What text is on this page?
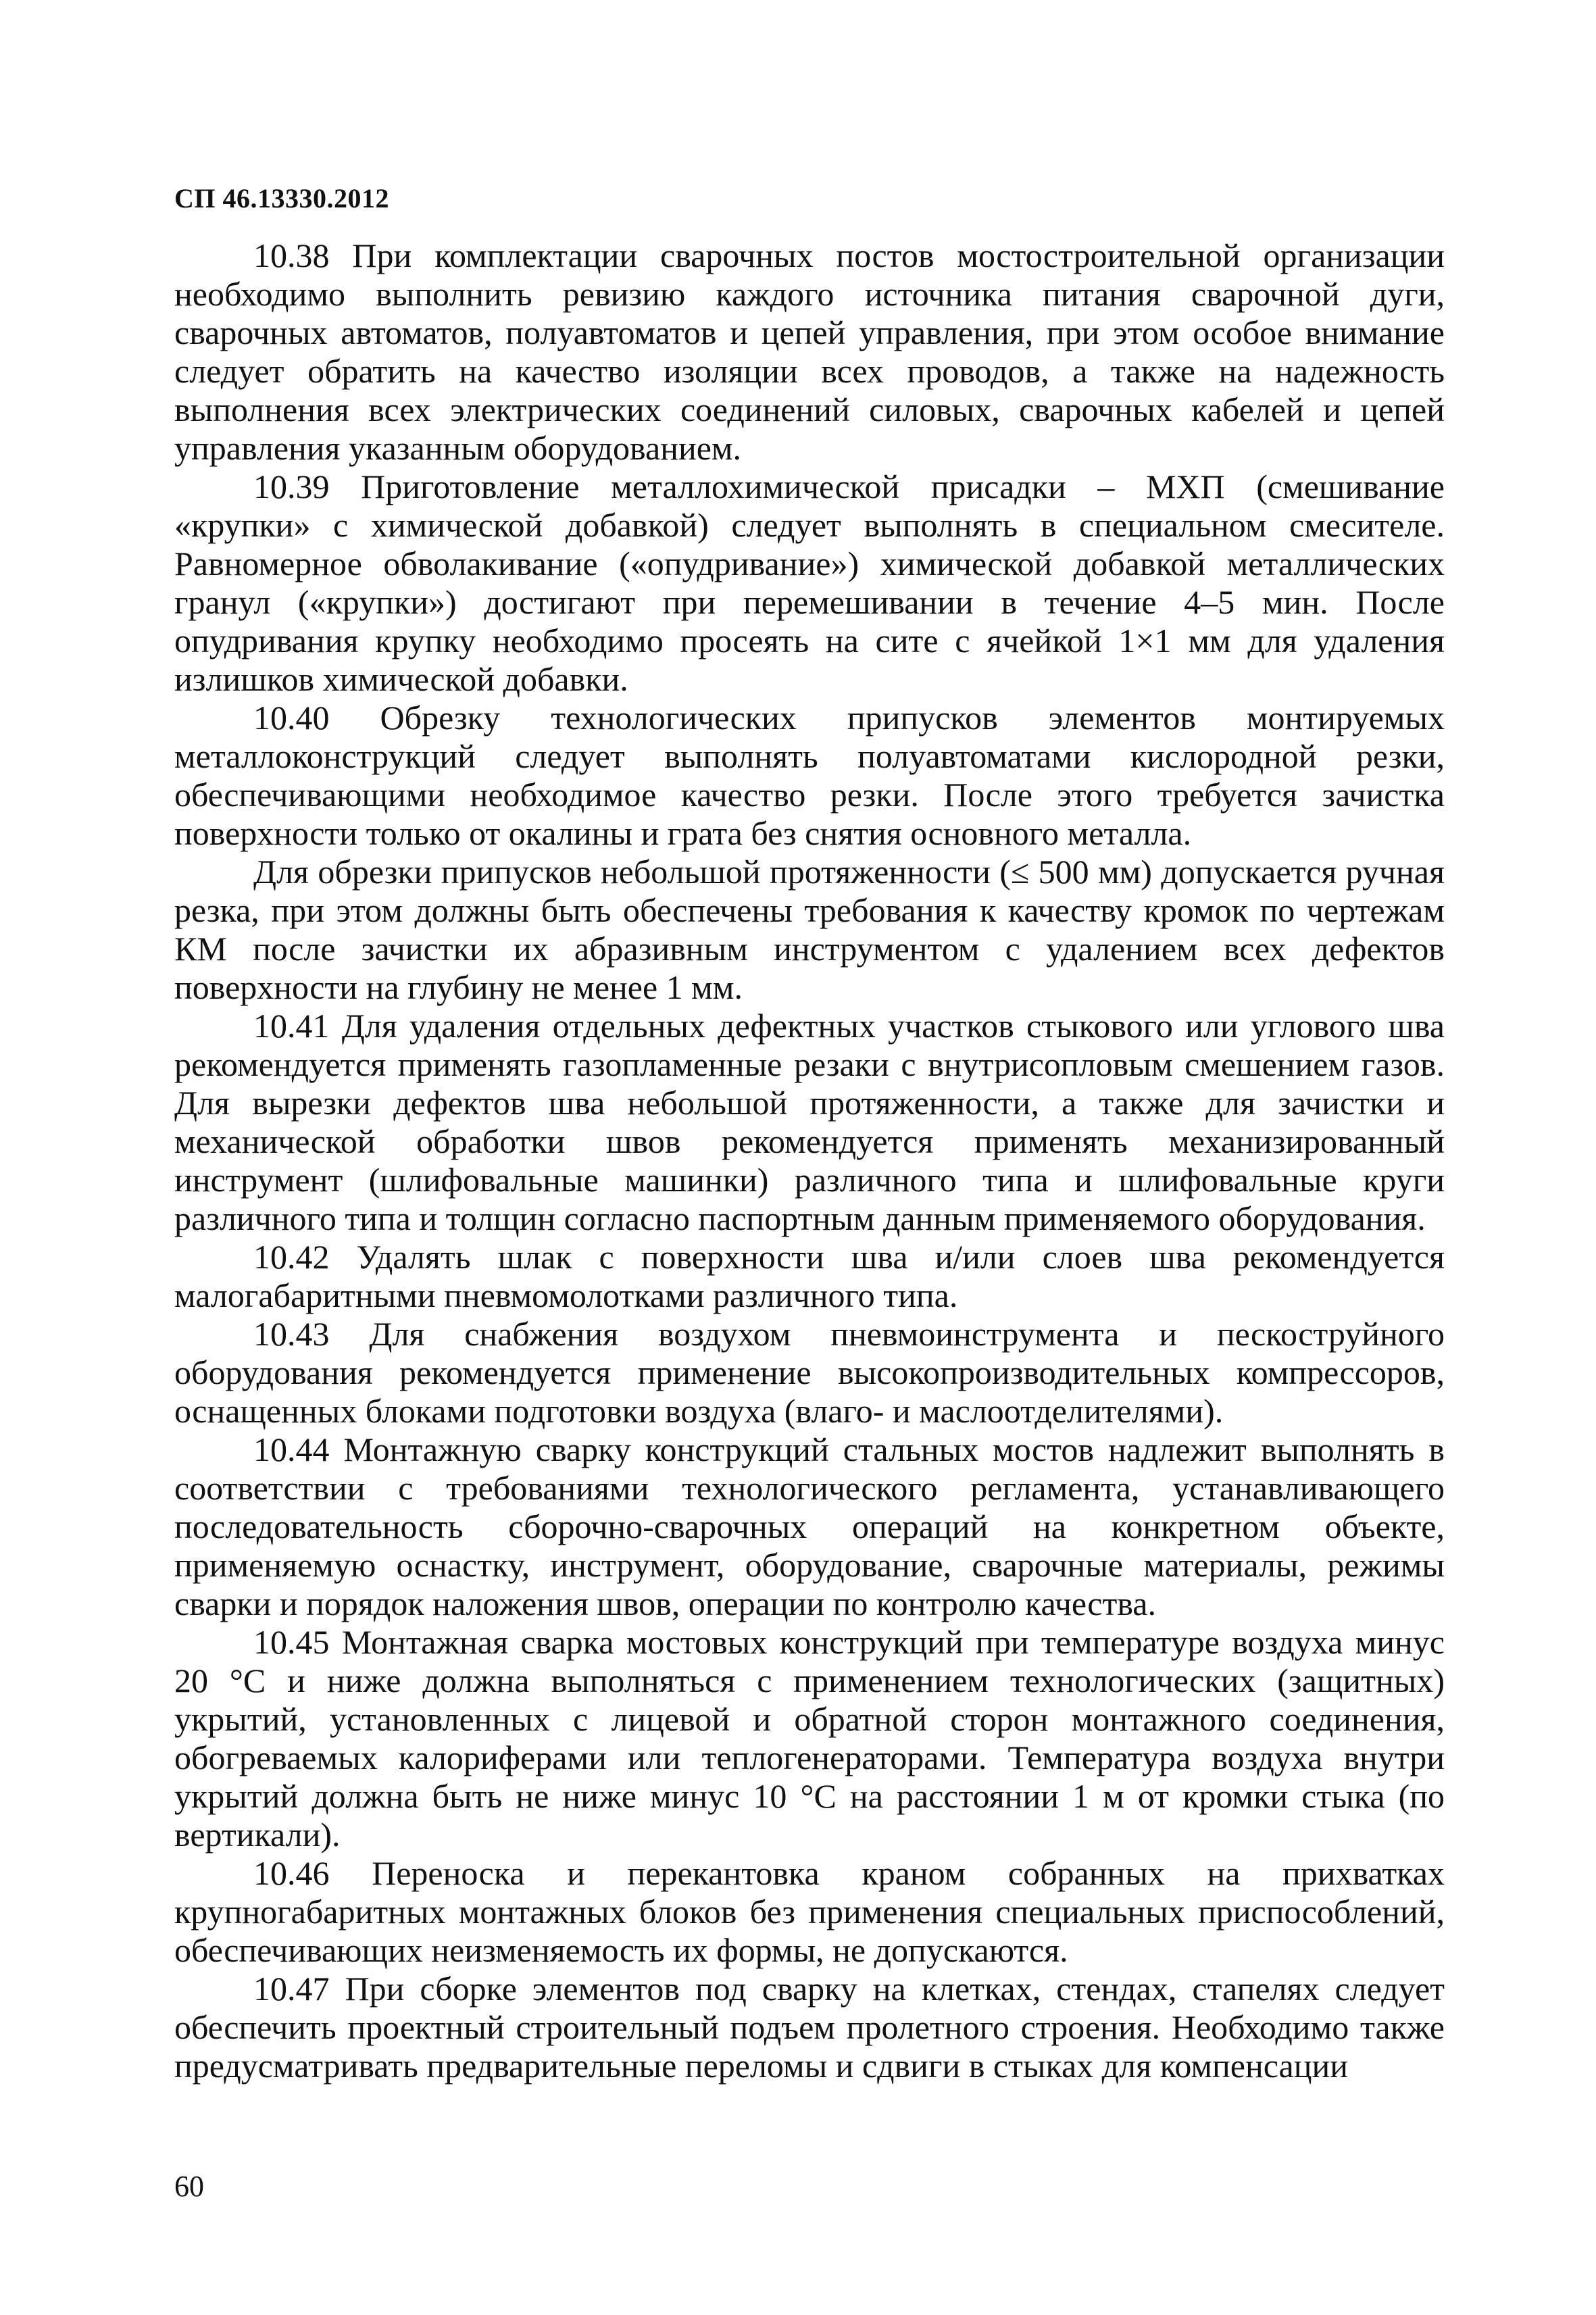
СП 46.13330.2012

10.38 При комплектации сварочных постов мостостроительной организации необходимо выполнить ревизию каждого источника питания сварочной дуги, сварочных автоматов, полуавтоматов и цепей управления, при этом особое внимание следует обратить на качество изоляции всех проводов, а также на надежность выполнения всех электрических соединений силовых, сварочных кабелей и цепей управления указанным оборудованием.

10.39 Приготовление металлохимической присадки – МХП (смешивание «крупки» с химической добавкой) следует выполнять в специальном смесителе. Равномерное обволакивание («опудривание») химической добавкой металлических гранул («крупки») достигают при перемешивании в течение 4–5 мин. После опудривания крупку необходимо просеять на сите с ячейкой 1×1 мм для удаления излишков химической добавки.

10.40 Обрезку технологических припусков элементов монтируемых металлоконструкций следует выполнять полуавтоматами кислородной резки, обеспечивающими необходимое качество резки. После этого требуется зачистка поверхности только от окалины и грата без снятия основного металла.

Для обрезки припусков небольшой протяженности (≤ 500 мм) допускается ручная резка, при этом должны быть обеспечены требования к качеству кромок по чертежам КМ после зачистки их абразивным инструментом с удалением всех дефектов поверхности на глубину не менее 1 мм.

10.41 Для удаления отдельных дефектных участков стыкового или углового шва рекомендуется применять газопламенные резаки с внутрисопловым смешением газов. Для вырезки дефектов шва небольшой протяженности, а также для зачистки и механической обработки швов рекомендуется применять механизированный инструмент (шлифовальные машинки) различного типа и шлифовальные круги различного типа и толщин согласно паспортным данным применяемого оборудования.

10.42 Удалять шлак с поверхности шва и/или слоев шва рекомендуется малогабаритными пневмомолотками различного типа.

10.43 Для снабжения воздухом пневмоинструмента и пескоструйного оборудования рекомендуется применение высокопроизводительных компрессоров, оснащенных блоками подготовки воздуха (влаго- и маслоотделителями).

10.44 Монтажную сварку конструкций стальных мостов надлежит выполнять в соответствии с требованиями технологического регламента, устанавливающего последовательность сборочно-сварочных операций на конкретном объекте, применяемую оснастку, инструмент, оборудование, сварочные материалы, режимы сварки и порядок наложения швов, операции по контролю качества.

10.45 Монтажная сварка мостовых конструкций при температуре воздуха минус 20 °С и ниже должна выполняться с применением технологических (защитных) укрытий, установленных с лицевой и обратной сторон монтажного соединения, обогреваемых калориферами или теплогенераторами. Температура воздуха внутри укрытий должна быть не ниже минус 10 °С на расстоянии 1 м от кромки стыка (по вертикали).

10.46 Переноска и перекантовка краном собранных на прихватках крупногабаритных монтажных блоков без применения специальных приспособлений, обеспечивающих неизменяемость их формы, не допускаются.

10.47 При сборке элементов под сварку на клетках, стендах, стапелях следует обеспечить проектный строительный подъем пролетного строения. Необходимо также предусматривать предварительные переломы и сдвиги в стыках для компенсации

60
